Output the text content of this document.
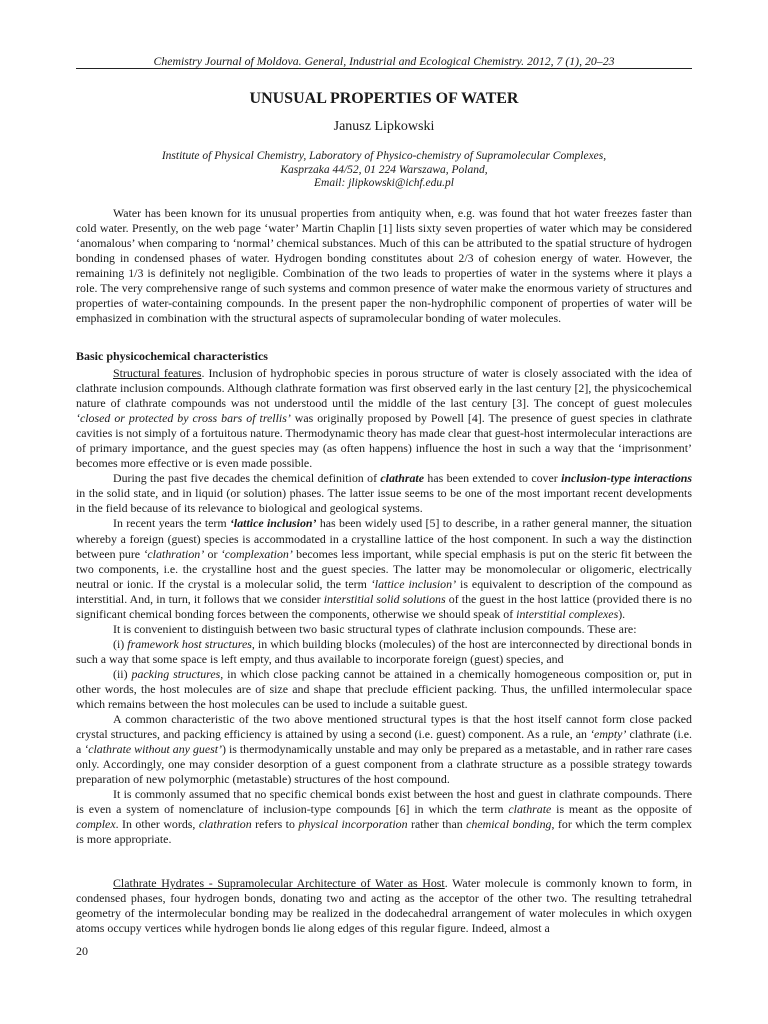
Chemistry Journal of Moldova. General, Industrial and Ecological Chemistry. 2012, 7 (1), 20–23
UNUSUAL PROPERTIES OF WATER
Janusz Lipkowski
Institute of Physical Chemistry, Laboratory of Physico-chemistry of Supramolecular Complexes,
Kasprzaka 44/52, 01 224 Warszawa, Poland,
Email: jlipkowski@ichf.edu.pl

Water has been known for its unusual properties from antiquity when, e.g. was found that hot water freezes faster than cold water. Presently, on the web page ‘water’ Martin Chaplin [1] lists sixty seven properties of water which may be considered ‘anomalous’ when comparing to ‘normal’ chemical substances. Much of this can be attributed to the spatial structure of hydrogen bonding in condensed phases of water. Hydrogen bonding constitutes about 2/3 of cohesion energy of water. However, the remaining 1/3 is definitely not negligible. Combination of the two leads to properties of water in the systems where it plays a role. The very comprehensive range of such systems and common presence of water make the enormous variety of structures and properties of water-containing compounds. In the present paper the non-hydrophilic component of properties of water will be emphasized in combination with the structural aspects of supramolecular bonding of water molecules.

Basic physicochemical characteristics

Structural features. Inclusion of hydrophobic species in porous structure of water is closely associated with the idea of clathrate inclusion compounds. Although clathrate formation was first observed early in the last century [2], the physicochemical nature of clathrate compounds was not understood until the middle of the last century [3]. The concept of guest molecules ‘closed or protected by cross bars of trellis’ was originally proposed by Powell [4]. The presence of guest species in clathrate cavities is not simply of a fortuitous nature. Thermodynamic theory has made clear that guest-host intermolecular interactions are of primary importance, and the guest species may (as often happens) influence the host in such a way that the ‘imprisonment’ becomes more effective or is even made possible.

During the past five decades the chemical definition of clathrate has been extended to cover inclusion-type interactions in the solid state, and in liquid (or solution) phases. The latter issue seems to be one of the most important recent developments in the field because of its relevance to biological and geological systems.

In recent years the term ‘lattice inclusion’ has been widely used [5] to describe, in a rather general manner, the situation whereby a foreign (guest) species is accommodated in a crystalline lattice of the host component. In such a way the distinction between pure ‘clathration’ or ‘complexation’ becomes less important, while special emphasis is put on the steric fit between the two components, i.e. the crystalline host and the guest species. The latter may be monomolecular or oligomeric, electrically neutral or ionic. If the crystal is a molecular solid, the term ‘lattice inclusion’ is equivalent to description of the compound as interstitial. And, in turn, it follows that we consider interstitial solid solutions of the guest in the host lattice (provided there is no significant chemical bonding forces between the components, otherwise we should speak of interstitial complexes).

It is convenient to distinguish between two basic structural types of clathrate inclusion compounds. These are:

(i) framework host structures, in which building blocks (molecules) of the host are interconnected by directional bonds in such a way that some space is left empty, and thus available to incorporate foreign (guest) species, and

(ii) packing structures, in which close packing cannot be attained in a chemically homogeneous composition or, put in other words, the host molecules are of size and shape that preclude efficient packing. Thus, the unfilled intermolecular space which remains between the host molecules can be used to include a suitable guest.

A common characteristic of the two above mentioned structural types is that the host itself cannot form close packed crystal structures, and packing efficiency is attained by using a second (i.e. guest) component. As a rule, an ‘empty’ clathrate (i.e. a ‘clathrate without any guest’) is thermodynamically unstable and may only be prepared as a metastable, and in rather rare cases only. Accordingly, one may consider desorption of a guest component from a clathrate structure as a possible strategy towards preparation of new polymorphic (metastable) structures of the host compound.

It is commonly assumed that no specific chemical bonds exist between the host and guest in clathrate compounds. There is even a system of nomenclature of inclusion-type compounds [6] in which the term clathrate is meant as the opposite of complex. In other words, clathration refers to physical incorporation rather than chemical bonding, for which the term complex is more appropriate.

Clathrate Hydrates - Supramolecular Architecture of Water as Host. Water molecule is commonly known to form, in condensed phases, four hydrogen bonds, donating two and acting as the acceptor of the other two. The resulting tetrahedral geometry of the intermolecular bonding may be realized in the dodecahedral arrangement of water molecules in which oxygen atoms occupy vertices while hydrogen bonds lie along edges of this regular figure. Indeed, almost a

20
